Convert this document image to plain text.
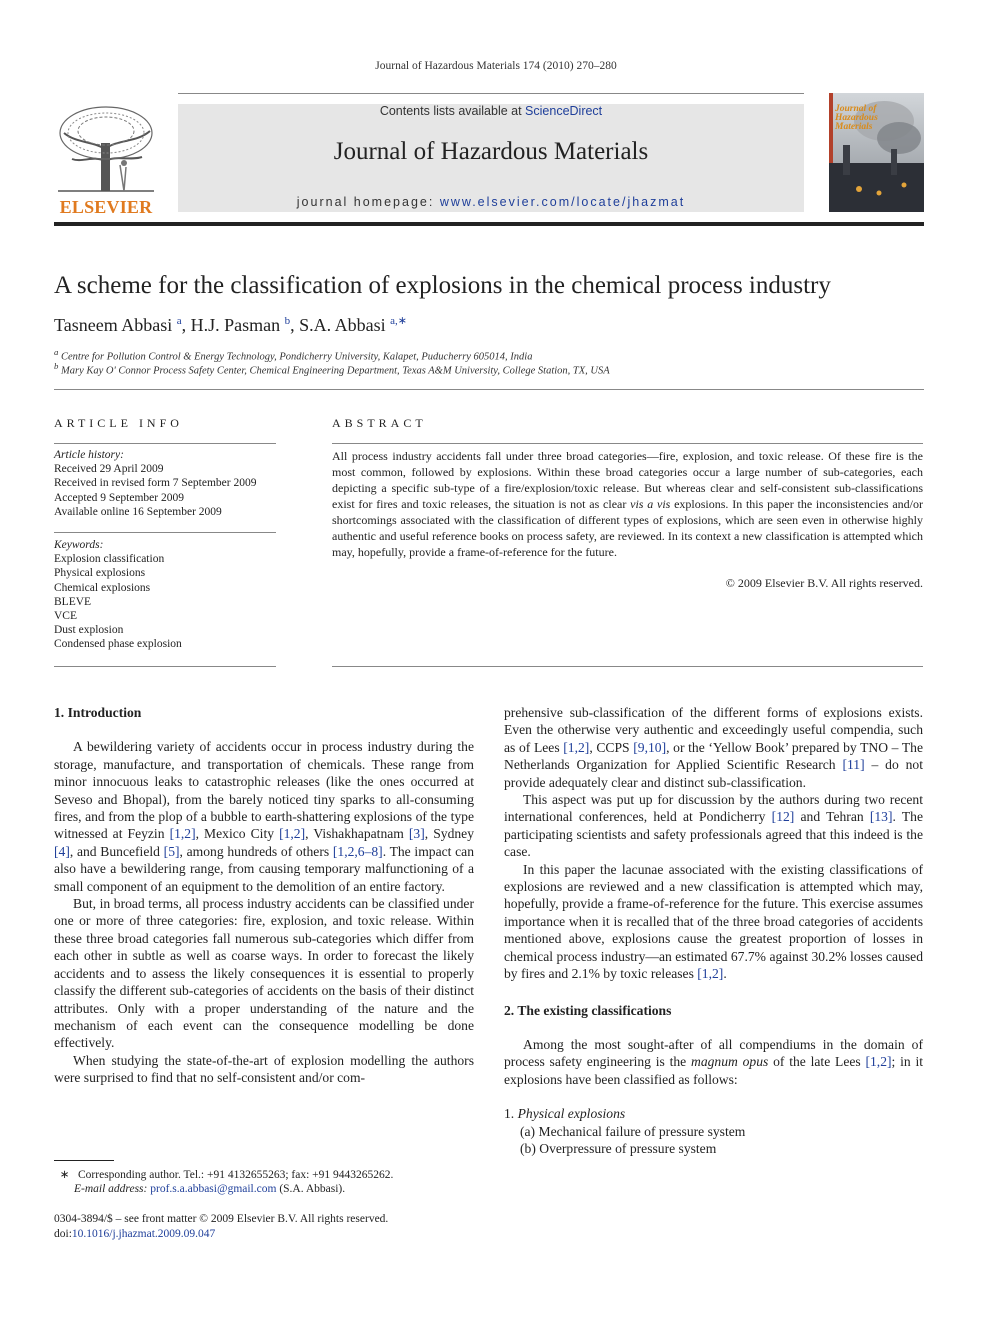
Journal of Hazardous Materials 174 (2010) 270–280
ELSEVIER
Contents lists available at ScienceDirect
Journal of Hazardous Materials
journal homepage: www.elsevier.com/locate/jhazmat
Journal of
Hazardous
Materials
A scheme for the classification of explosions in the chemical process industry
Tasneem Abbasi $^a$, H.J. Pasman $^b$, S.A. Abbasi $^{a,∗}$
$^a$ Centre for Pollution Control & Energy Technology, Pondicherry University, Kalapet, Puducherry 605014, India
$^b$ Mary Kay O' Connor Process Safety Center, Chemical Engineering Department, Texas A&M University, College Station, TX, USA
ARTICLE INFO	ABSTRACT
Article history:
Received 29 April 2009
Received in revised form 7 September 2009
Accepted 9 September 2009
Available online 16 September 2009
Keywords:
Explosion classification
Physical explosions
Chemical explosions
BLEVE
VCE
Dust explosion
Condensed phase explosion
All process industry accidents fall under three broad categories—fire, explosion, and toxic release. Of these fire is the most common, followed by explosions. Within these broad categories occur a large number of sub-categories, each depicting a specific sub-type of a fire/explosion/toxic release. But whereas clear and self-consistent sub-classifications exist for fires and toxic releases, the situation is not as clear vis a vis explosions. In this paper the inconsistencies and/or shortcomings associated with the classification of different types of explosions, which are seen even in otherwise highly authentic and useful reference books on process safety, are reviewed. In its context a new classification is attempted which may, hopefully, provide a frame-of-reference for the future.
© 2009 Elsevier B.V. All rights reserved.
1. Introduction

A bewildering variety of accidents occur in process industry during the storage, manufacture, and transportation of chemicals. These range from minor innocuous leaks to catastrophic releases (like the ones occurred at Seveso and Bhopal), from the barely noticed tiny sparks to all-consuming fires, and from the plop of a bubble to earth-shattering explosions of the type witnessed at Feyzin [1,2], Mexico City [1,2], Vishakhapatnam [3], Sydney [4], and Buncefield [5], among hundreds of others [1,2,6–8]. The impact can also have a bewildering range, from causing temporary malfunctioning of a small component of an equipment to the demolition of an entire factory.

But, in broad terms, all process industry accidents can be classified under one or more of three categories: fire, explosion, and toxic release. Within these three broad categories fall numerous sub-categories which differ from each other in subtle as well as coarse ways. In order to forecast the likely accidents and to assess the likely consequences it is essential to properly classify the different sub-categories of accidents on the basis of their distinct attributes. Only with a proper understanding of the nature and the mechanism of each event can the consequence modelling be done effectively.

When studying the state-of-the-art of explosion modelling the authors were surprised to find that no self-consistent and/or com-

prehensive sub-classification of the different forms of explosions exists. Even the otherwise very authentic and exceedingly useful compendia, such as of Lees [1,2], CCPS [9,10], or the ‘Yellow Book’ prepared by TNO – The Netherlands Organization for Applied Scientific Research [11] – do not provide adequately clear and distinct sub-classification.

This aspect was put up for discussion by the authors during two recent international conferences, held at Pondicherry [12] and Tehran [13]. The participating scientists and safety professionals agreed that this indeed is the case.

In this paper the lacunae associated with the existing classifications of explosions are reviewed and a new classification is attempted which may, hopefully, provide a frame-of-reference for the future. This exercise assumes importance when it is recalled that of the three broad categories of accidents mentioned above, explosions cause the greatest proportion of losses in chemical process industry—an estimated 67.7% against 30.2% losses caused by fires and 2.1% by toxic releases [1,2].

2. The existing classifications

Among the most sought-after of all compendiums in the domain of process safety engineering is the magnum opus of the late Lees [1,2]; in it explosions have been classified as follows:

1. Physical explosions
(a) Mechanical failure of pressure system
(b) Overpressure of pressure system
∗ Corresponding author. Tel.: +91 4132655263; fax: +91 9443265262.
E-mail address: prof.s.a.abbasi@gmail.com (S.A. Abbasi).
0304-3894/$ – see front matter © 2009 Elsevier B.V. All rights reserved.
doi:10.1016/j.jhazmat.2009.09.047
